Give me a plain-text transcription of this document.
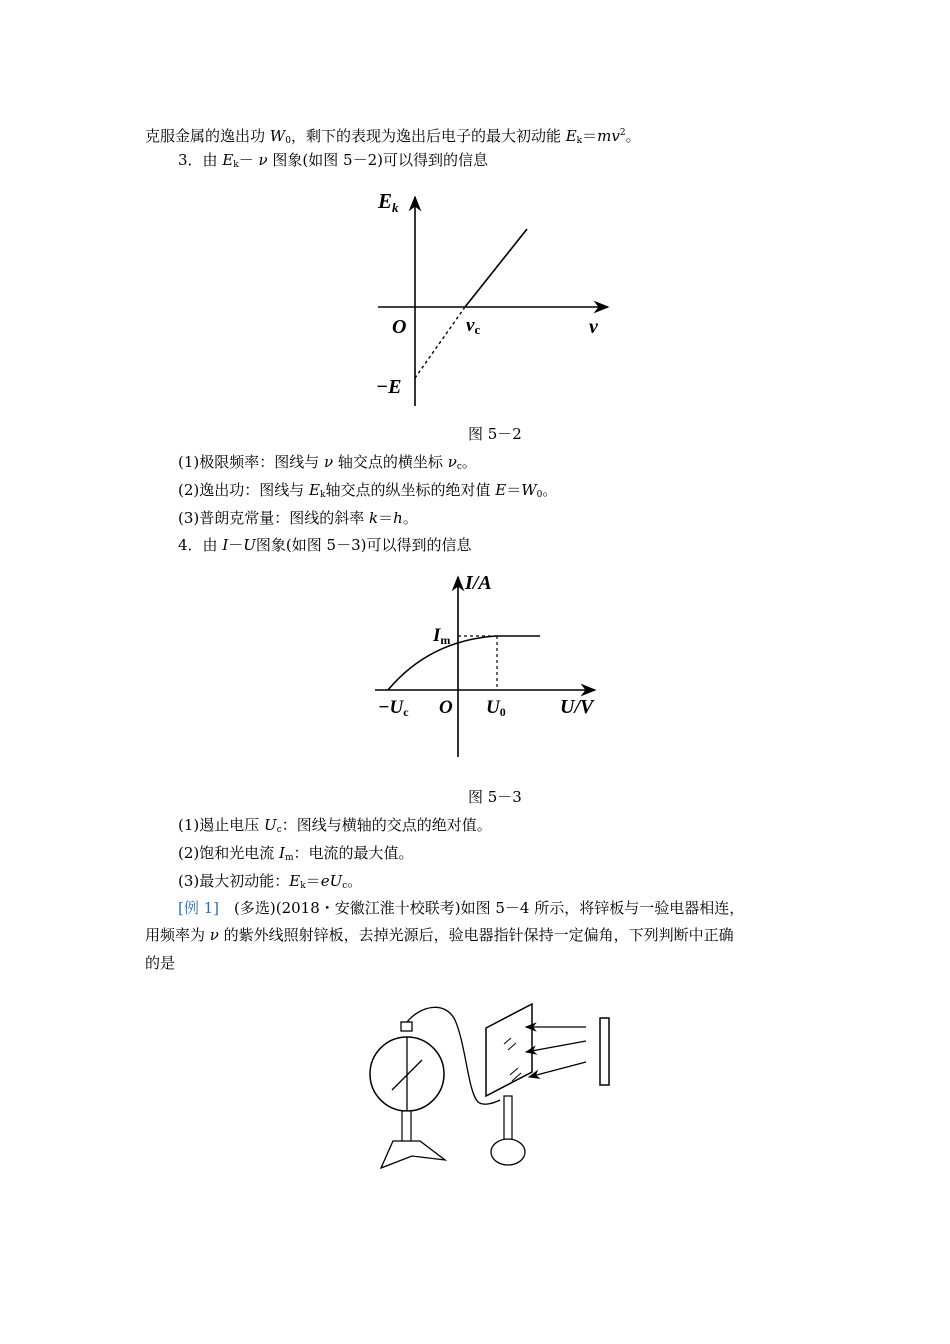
克服金属的逸出功 $W_0$，剩下的表现为逸出后电子的最大初动能 $E_k=mv^2$。
3．由 $E_k- \nu$ 图象(如图 5－2)可以得到的信息
Ek
O	νc	ν
−E
图 5－2
(1)极限频率：图线与 ν 轴交点的横坐标 $\nu_c$。
(2)逸出功：图线与 $E_k$轴交点的纵坐标的绝对值 $E=W_0$。
(3)普朗克常量：图线的斜率 k＝h。
4．由 I－U图象(如图 5－3)可以得到的信息
I/A
Im
−Uc O U0	U/V
图 5－3
(1)遏止电压 $U_c$：图线与横轴的交点的绝对值。
(2)饱和光电流 $I_m$：电流的最大值。
(3)最大初动能：$E_k=eU_c$。
[例 1]　(多选)(2018・安徽江淮十校联考)如图 5－4 所示，将锌板与一验电器相连，
用频率为 ν 的紫外线照射锌板，去掉光源后，验电器指针保持一定偏角，下列判断中正确
的是
